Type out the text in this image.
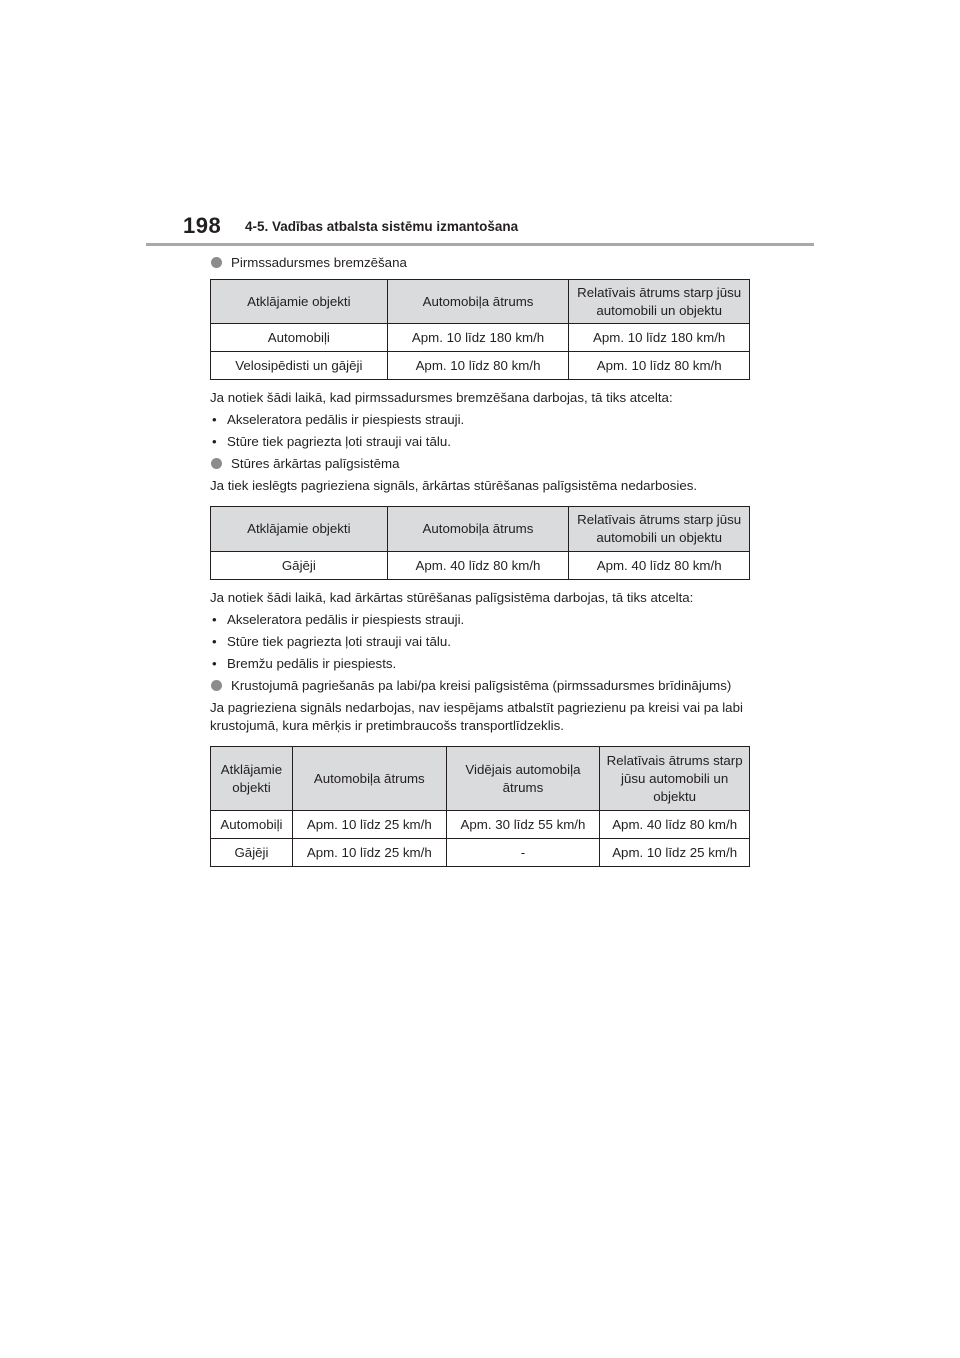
198 4-5. Vadības atbalsta sistēmu izmantošana
Pirmssadursmes bremzēšana
Atklājamie objekti	Automobiļa ātrums	Relatīvais ātrums starp jūsu automobili un objektu
Automobiļi	Apm. 10 līdz 180 km/h	Apm. 10 līdz 180 km/h
Velosipēdisti un gājēji	Apm. 10 līdz 80 km/h	Apm. 10 līdz 80 km/h

Ja notiek šādi laikā, kad pirmssadursmes bremzēšana darbojas, tā tiks atcelta:

• Akseleratora pedālis ir piespiests strauji.
• Stūre tiek pagriezta ļoti strauji vai tālu.
Stūres ārkārtas palīgsistēma

Ja tiek ieslēgts pagrieziena signāls, ārkārtas stūrēšanas palīgsistēma nedarbosies.

Atklājamie objekti	Automobiļa ātrums	Relatīvais ātrums starp jūsu automobili un objektu
Gājēji	Apm. 40 līdz 80 km/h	Apm. 40 līdz 80 km/h

Ja notiek šādi laikā, kad ārkārtas stūrēšanas palīgsistēma darbojas, tā tiks atcelta:

• Akseleratora pedālis ir piespiests strauji.
• Stūre tiek pagriezta ļoti strauji vai tālu.
• Bremžu pedālis ir piespiests.
Krustojumā pagriešanās pa labi/pa kreisi palīgsistēma (pirmssadursmes brīdinājums)

Ja pagrieziena signāls nedarbojas, nav iespējams atbalstīt pagriezienu pa kreisi vai pa labi krustojumā, kura mērķis ir pretimbraucošs transportlīdzeklis.

Atklājamie objekti	Automobiļa ātrums	Vidējais automobiļa ātrums	Relatīvais ātrums starp jūsu automobili un objektu
Automobiļi	Apm. 10 līdz 25 km/h	Apm. 30 līdz 55 km/h	Apm. 40 līdz 80 km/h
Gājēji	Apm. 10 līdz 25 km/h	-	Apm. 10 līdz 25 km/h
